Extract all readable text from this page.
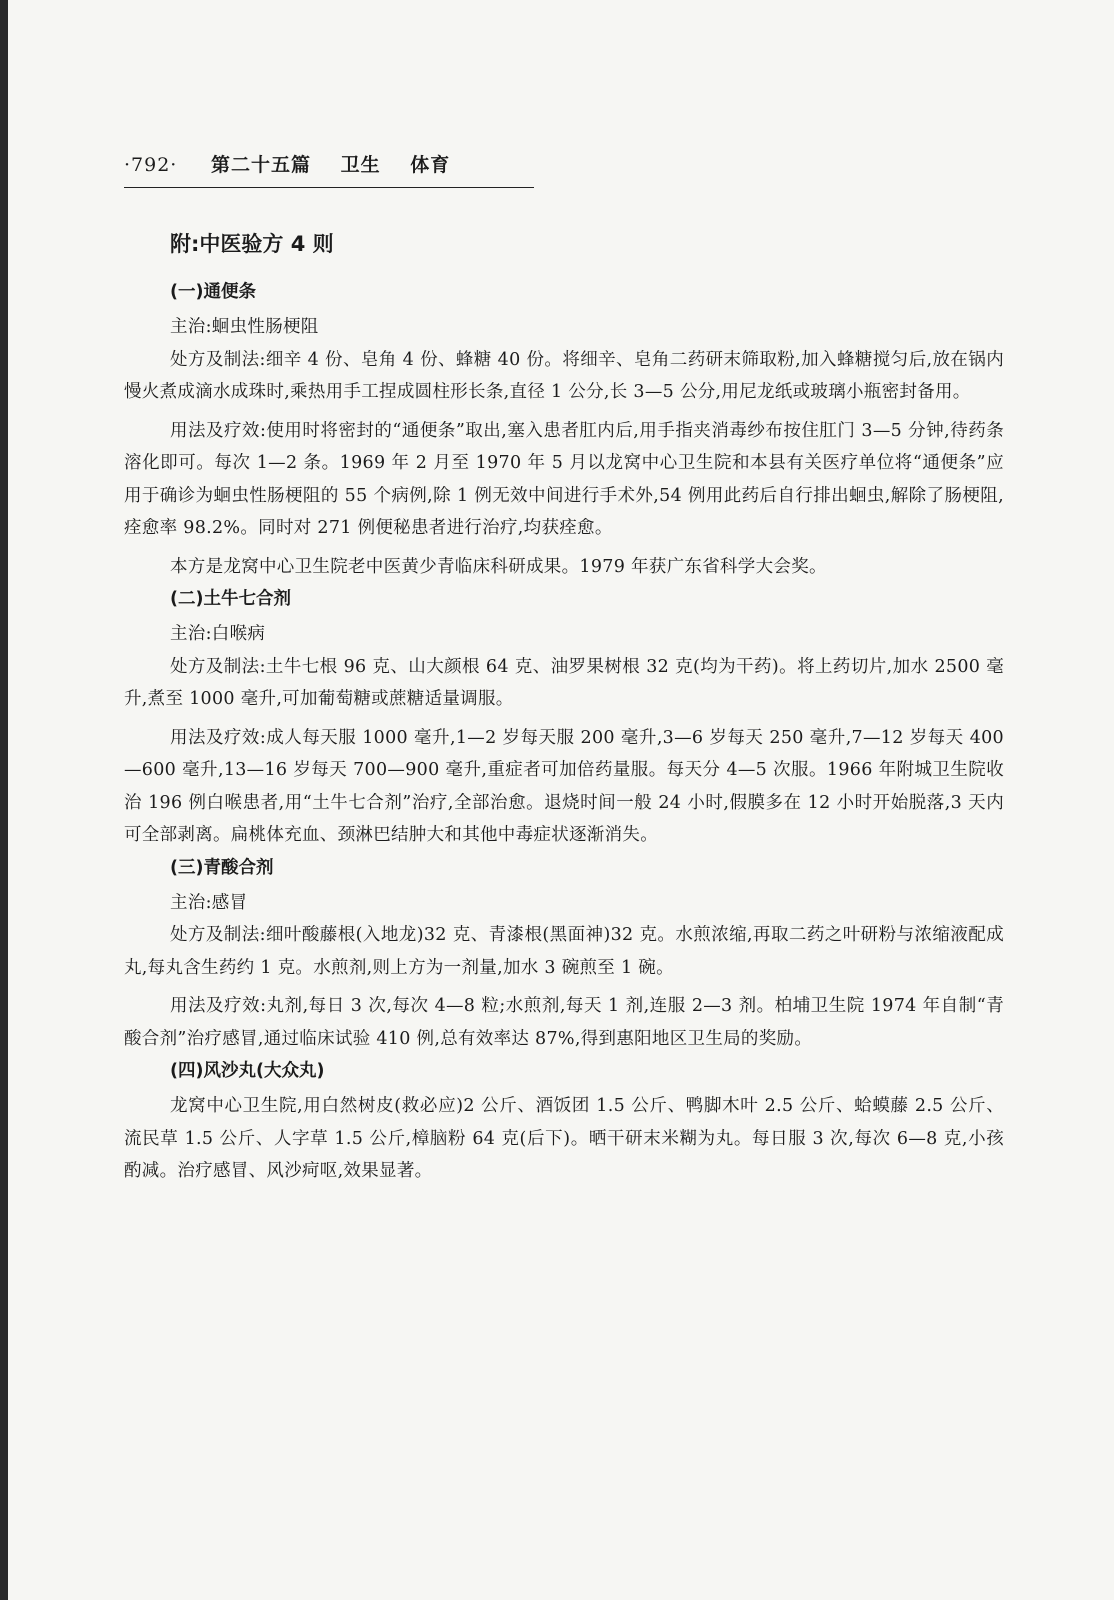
·792· 第二十五篇 卫生 体育
附:中医验方 4 则
(一)通便条

主治:蛔虫性肠梗阻

处方及制法:细辛 4 份、皂角 4 份、蜂糖 40 份。将细辛、皂角二药研末筛取粉,加入蜂糖搅匀后,放在锅内慢火煮成滴水成珠时,乘热用手工捏成圆柱形长条,直径 1 公分,长 3—5 公分,用尼龙纸或玻璃小瓶密封备用。

用法及疗效:使用时将密封的“通便条”取出,塞入患者肛内后,用手指夹消毒纱布按住肛门 3—5 分钟,待药条溶化即可。每次 1—2 条。1969 年 2 月至 1970 年 5 月以龙窝中心卫生院和本县有关医疗单位将“通便条”应用于确诊为蛔虫性肠梗阻的 55 个病例,除 1 例无效中间进行手术外,54 例用此药后自行排出蛔虫,解除了肠梗阻,痊愈率 98.2%。同时对 271 例便秘患者进行治疗,均获痊愈。

本方是龙窝中心卫生院老中医黄少青临床科研成果。1979 年获广东省科学大会奖。

(二)土牛七合剂

主治:白喉病

处方及制法:土牛七根 96 克、山大颜根 64 克、油罗果树根 32 克(均为干药)。将上药切片,加水 2500 毫升,煮至 1000 毫升,可加葡萄糖或蔗糖适量调服。

用法及疗效:成人每天服 1000 毫升,1—2 岁每天服 200 毫升,3—6 岁每天 250 毫升,7—12 岁每天 400—600 毫升,13—16 岁每天 700—900 毫升,重症者可加倍药量服。每天分 4—5 次服。1966 年附城卫生院收治 196 例白喉患者,用“土牛七合剂”治疗,全部治愈。退烧时间一般 24 小时,假膜多在 12 小时开始脱落,3 天内可全部剥离。扁桃体充血、颈淋巴结肿大和其他中毒症状逐渐消失。

(三)青酸合剂

主治:感冒

处方及制法:细叶酸藤根(入地龙)32 克、青漆根(黑面神)32 克。水煎浓缩,再取二药之叶研粉与浓缩液配成丸,每丸含生药约 1 克。水煎剂,则上方为一剂量,加水 3 碗煎至 1 碗。

用法及疗效:丸剂,每日 3 次,每次 4—8 粒;水煎剂,每天 1 剂,连服 2—3 剂。柏埔卫生院 1974 年自制“青酸合剂”治疗感冒,通过临床试验 410 例,总有效率达 87%,得到惠阳地区卫生局的奖励。

(四)风沙丸(大众丸)

龙窝中心卫生院,用白然树皮(救必应)2 公斤、酒饭团 1.5 公斤、鸭脚木叶 2.5 公斤、蛤蟆藤 2.5 公斤、流民草 1.5 公斤、人字草 1.5 公斤,樟脑粉 64 克(后下)。晒干研末米糊为丸。每日服 3 次,每次 6—8 克,小孩酌减。治疗感冒、风沙疴呕,效果显著。
